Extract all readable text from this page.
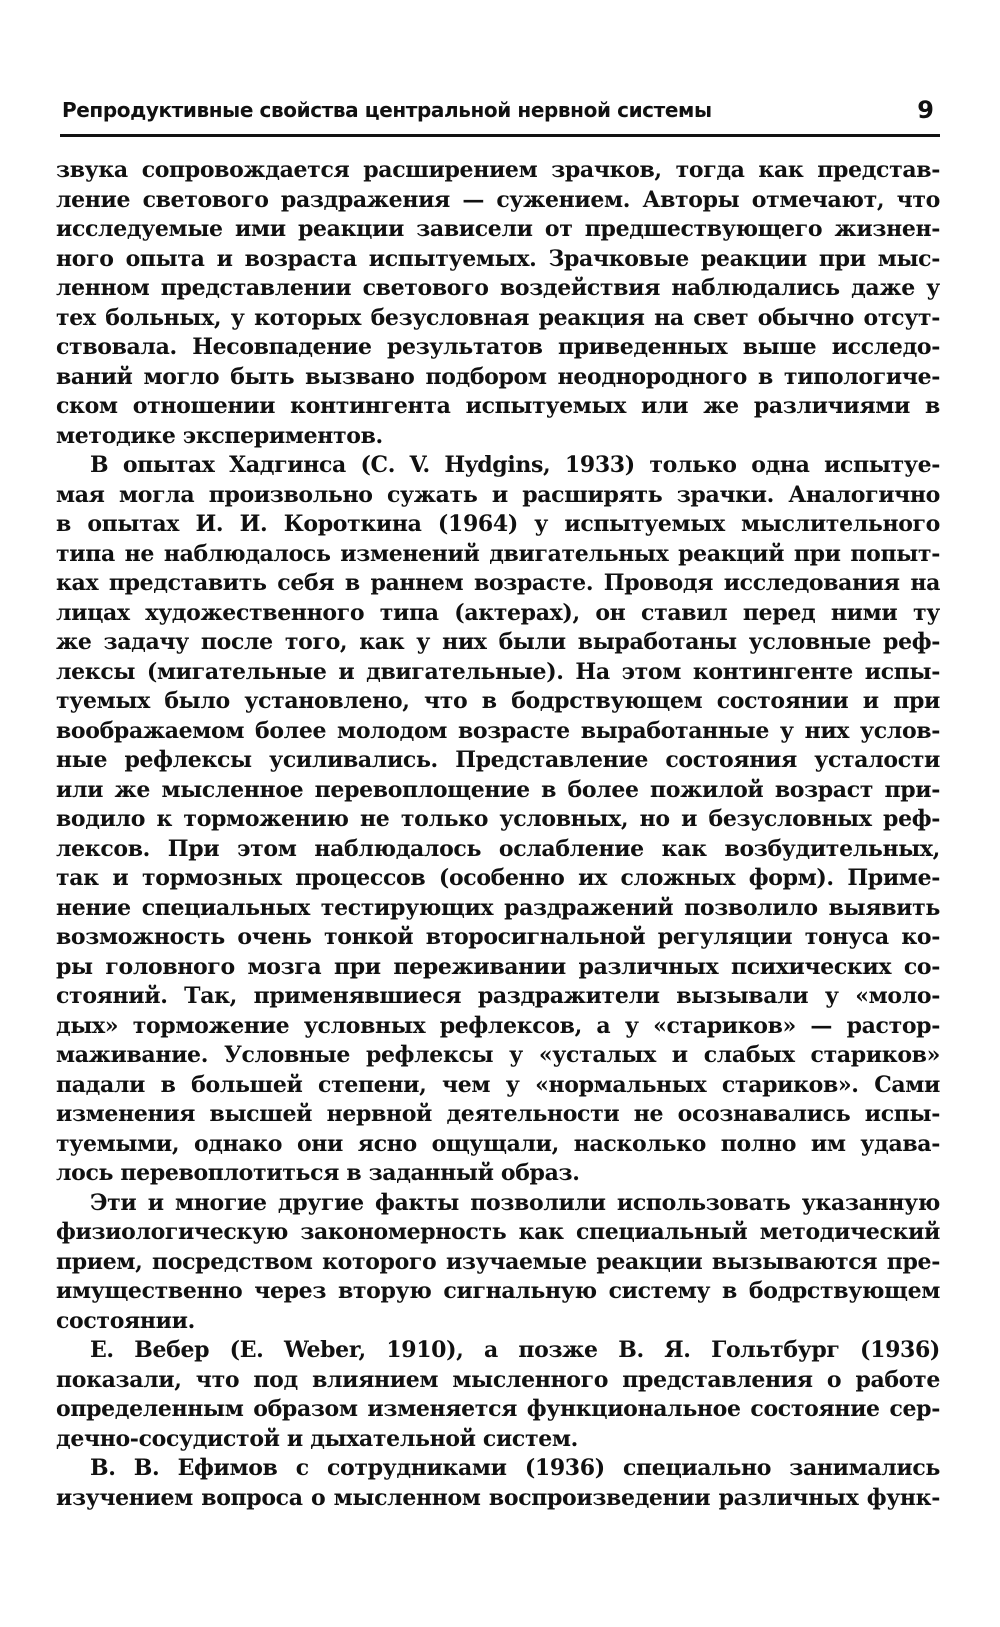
Репродуктивные свойства центральной нервной системы	9
звука сопровождается расширением зрачков, тогда как представ-
ление светового раздражения — сужением. Авторы отмечают, что
исследуемые ими реакции зависели от предшествующего жизнен-
ного опыта и возраста испытуемых. Зрачковые реакции при мыс-
ленном представлении светового воздействия наблюдались даже у
тех больных, у которых безусловная реакция на свет обычно отсут-
ствовала. Несовпадение результатов приведенных выше исследо-
ваний могло быть вызвано подбором неоднородного в типологиче-
ском отношении контингента испытуемых или же различиями в
методике экспериментов.
В опытах Хадгинса (С. V. Hydgins, 1933) только одна испытуе-
мая могла произвольно сужать и расширять зрачки. Аналогично
в опытах И. И. Короткина (1964) у испытуемых мыслительного
типа не наблюдалось изменений двигательных реакций при попыт-
ках представить себя в раннем возрасте. Проводя исследования на
лицах художественного типа (актерах), он ставил перед ними ту
же задачу после того, как у них были выработаны условные реф-
лексы (мигательные и двигательные). На этом контингенте испы-
туемых было установлено, что в бодрствующем состоянии и при
воображаемом более молодом возрасте выработанные у них услов-
ные рефлексы усиливались. Представление состояния усталости
или же мысленное перевоплощение в более пожилой возраст при-
водило к торможению не только условных, но и безусловных реф-
лексов. При этом наблюдалось ослабление как возбудительных,
так и тормозных процессов (особенно их сложных форм). Приме-
нение специальных тестирующих раздражений позволило выявить
возможность очень тонкой второсигнальной регуляции тонуса ко-
ры головного мозга при переживании различных психических со-
стояний. Так, применявшиеся раздражители вызывали у «моло-
дых» торможение условных рефлексов, а у «стариков» — растор-
маживание. Условные рефлексы у «усталых и слабых стариков»
падали в большей степени, чем у «нормальных стариков». Сами
изменения высшей нервной деятельности не осознавались испы-
туемыми, однако они ясно ощущали, насколько полно им удава-
лось перевоплотиться в заданный образ.
Эти и многие другие факты позволили использовать указанную
физиологическую закономерность как специальный методический
прием, посредством которого изучаемые реакции вызываются пре-
имущественно через вторую сигнальную систему в бодрствующем
состоянии.
Е. Вебер (Е. Weber, 1910), а позже В. Я. Гольтбург (1936)
показали, что под влиянием мысленного представления о работе
определенным образом изменяется функциональное состояние сер-
дечно-сосудистой и дыхательной систем.
В. В. Ефимов с сотрудниками (1936) специально занимались
изучением вопроса о мысленном воспроизведении различных функ-
